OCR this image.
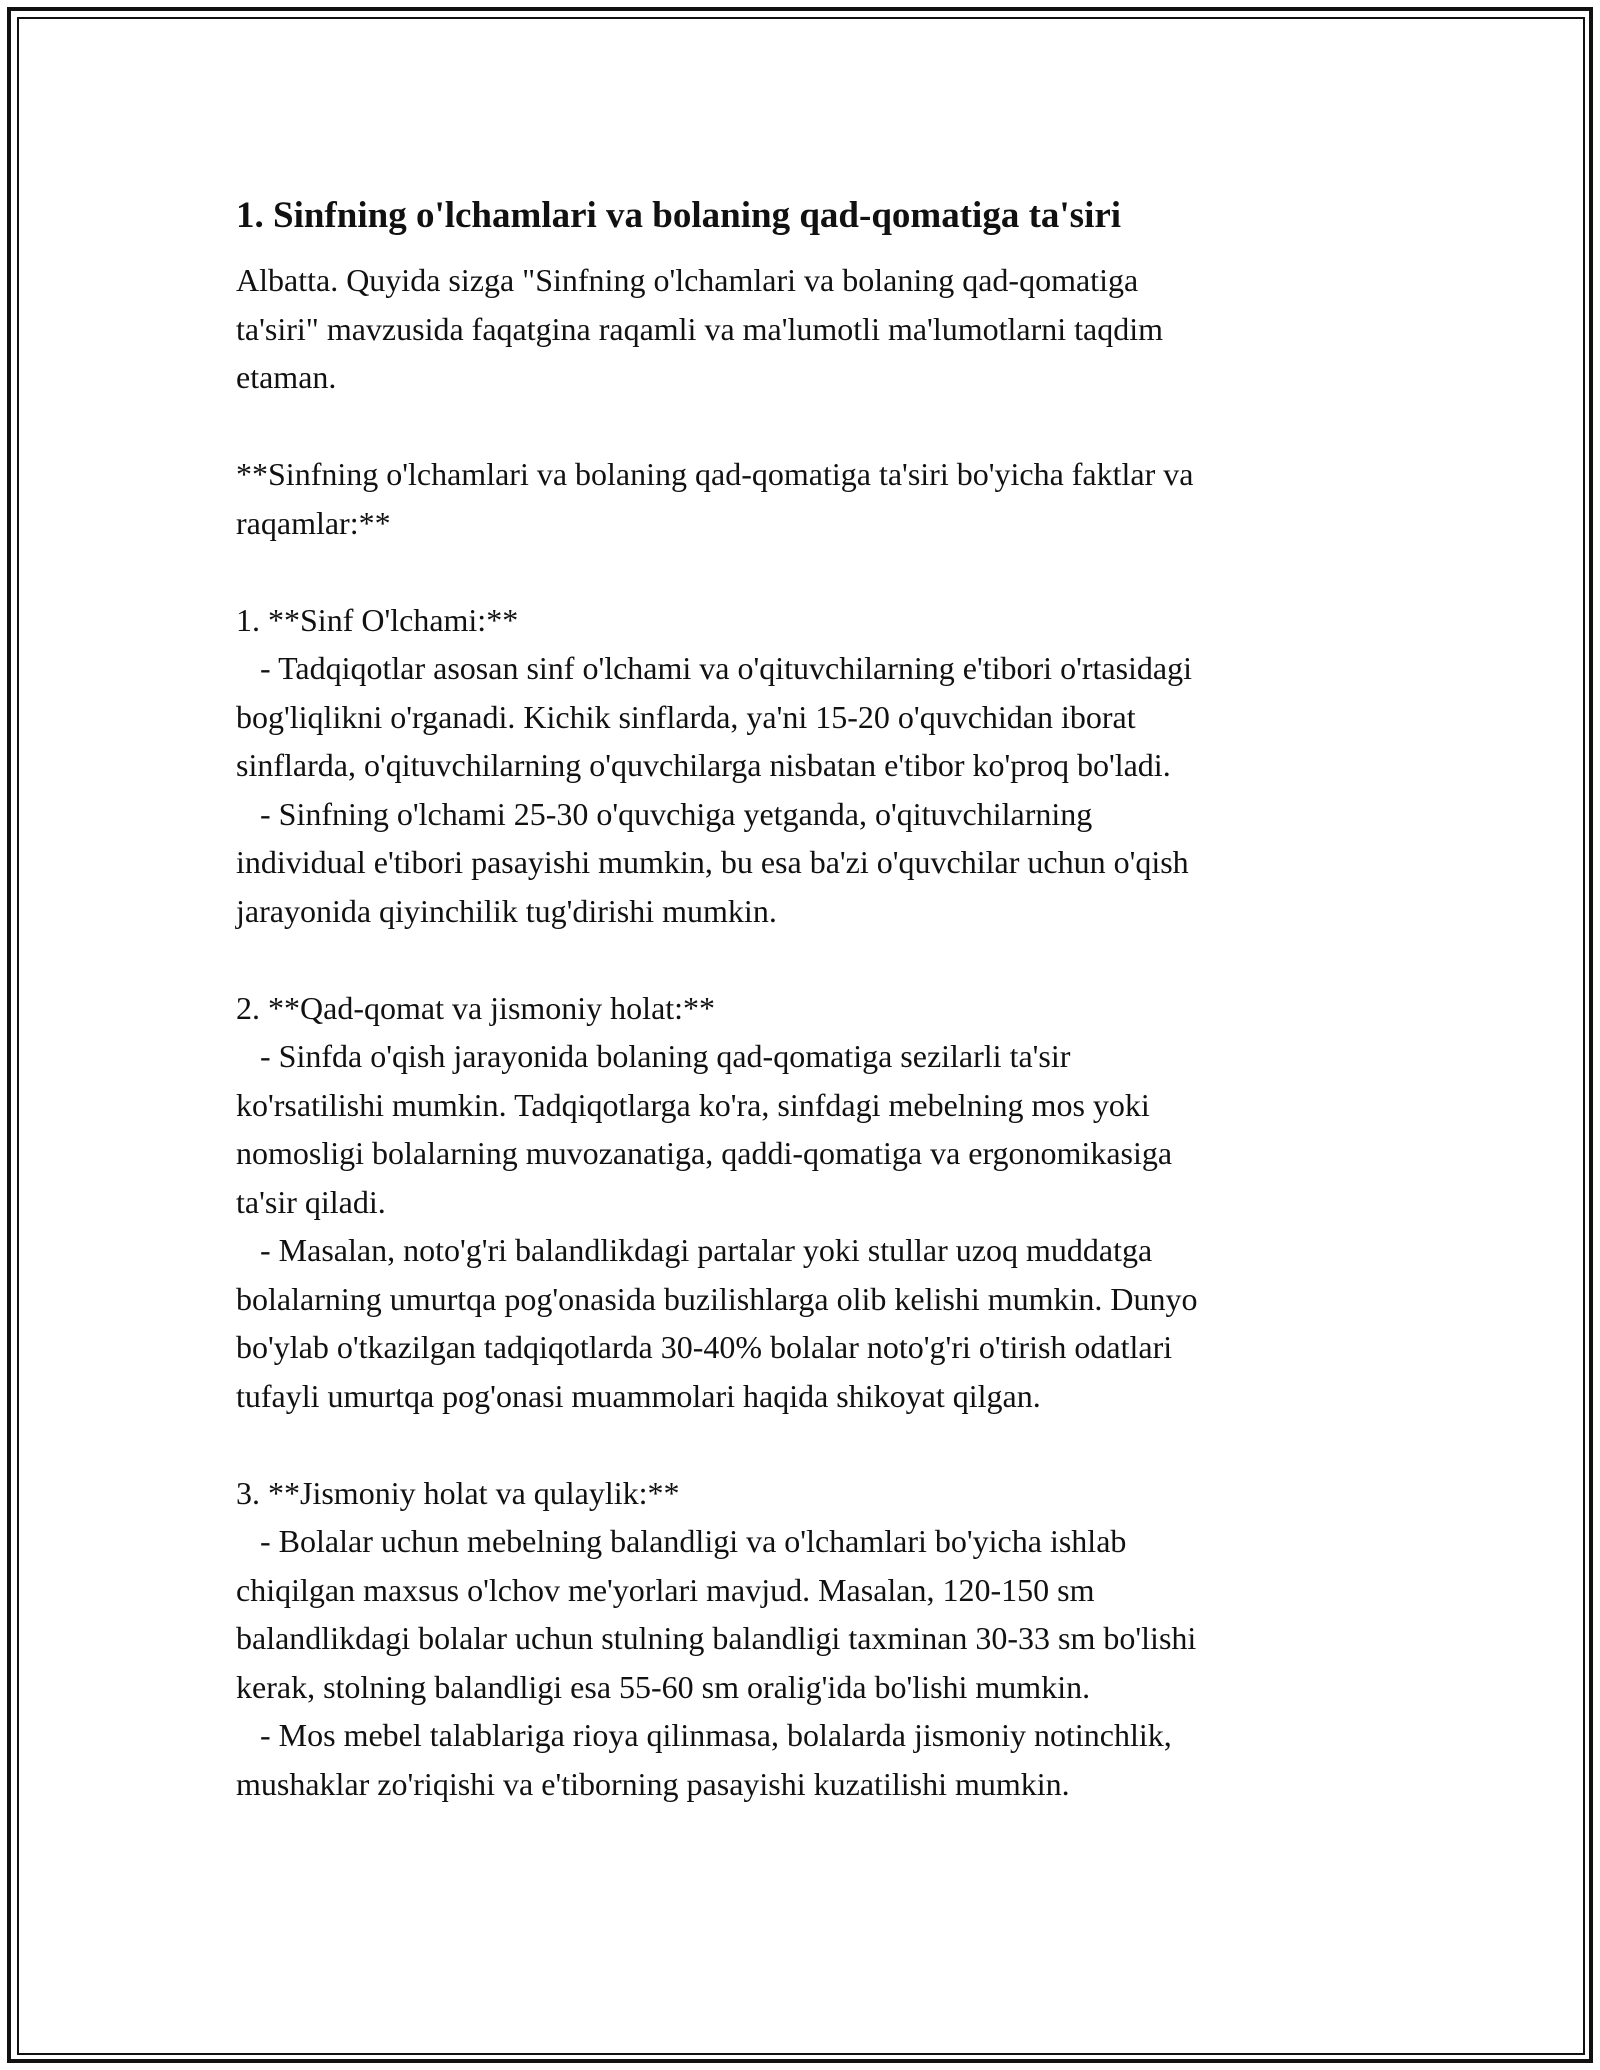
1. Sinfning o'lchamlari va bolaning qad-qomatiga ta'siri

Albatta. Quyida sizga "Sinfning o'lchamlari va bolaning qad-qomatiga
ta'siri" mavzusida faqatgina raqamli va ma'lumotli ma'lumotlarni taqdim
etaman.

**Sinfning o'lchamlari va bolaning qad-qomatiga ta'siri bo'yicha faktlar va
raqamlar:**

1. **Sinf O'lchami:**
- Tadqiqotlar asosan sinf o'lchami va o'qituvchilarning e'tibori o'rtasidagi
bog'liqlikni o'rganadi. Kichik sinflarda, ya'ni 15-20 o'quvchidan iborat
sinflarda, o'qituvchilarning o'quvchilarga nisbatan e'tibor ko'proq bo'ladi.
- Sinfning o'lchami 25-30 o'quvchiga yetganda, o'qituvchilarning
individual e'tibori pasayishi mumkin, bu esa ba'zi o'quvchilar uchun o'qish
jarayonida qiyinchilik tug'dirishi mumkin.

2. **Qad-qomat va jismoniy holat:**
- Sinfda o'qish jarayonida bolaning qad-qomatiga sezilarli ta'sir
ko'rsatilishi mumkin. Tadqiqotlarga ko'ra, sinfdagi mebelning mos yoki
nomosligi bolalarning muvozanatiga, qaddi-qomatiga va ergonomikasiga
ta'sir qiladi.
- Masalan, noto'g'ri balandlikdagi partalar yoki stullar uzoq muddatga
bolalarning umurtqa pog'onasida buzilishlarga olib kelishi mumkin. Dunyo
bo'ylab o'tkazilgan tadqiqotlarda 30-40% bolalar noto'g'ri o'tirish odatlari
tufayli umurtqa pog'onasi muammolari haqida shikoyat qilgan.

3. **Jismoniy holat va qulaylik:**
- Bolalar uchun mebelning balandligi va o'lchamlari bo'yicha ishlab
chiqilgan maxsus o'lchov me'yorlari mavjud. Masalan, 120-150 sm
balandlikdagi bolalar uchun stulning balandligi taxminan 30-33 sm bo'lishi
kerak, stolning balandligi esa 55-60 sm oralig'ida bo'lishi mumkin.
- Mos mebel talablariga rioya qilinmasa, bolalarda jismoniy notinchlik,
mushaklar zo'riqishi va e'tiborning pasayishi kuzatilishi mumkin.
